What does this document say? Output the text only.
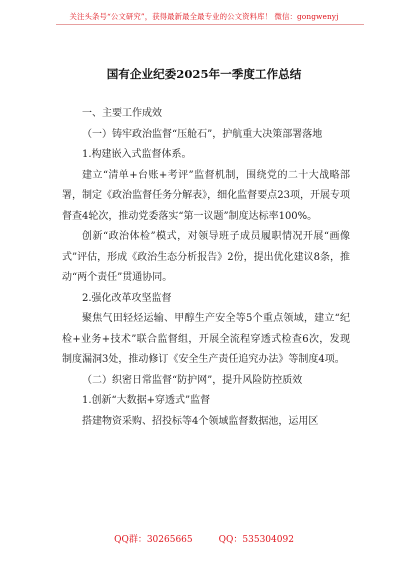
关注头条号“公文研究”，获得最新最全最专业的公文资料库！ 微信：gongwenyj
国有企业纪委2025年一季度工作总结

一、主要工作成效

（一）铸牢政治监督“压舱石”，护航重大决策部署落地

1.构建嵌入式监督体系。

建立“清单+台账+考评”监督机制，围绕党的二十大战略部署，制定《政治监督任务分解表》，细化监督要点23项，开展专项督查4轮次，推动党委落实“第一议题”制度达标率100%。

创新“政治体检”模式，对领导班子成员履职情况开展“画像式”评估，形成《政治生态分析报告》2份，提出优化建议8条，推动“两个责任”贯通协同。

2.强化改革攻坚监督

聚焦气田轻烃运输、甲醇生产安全等5个重点领域，建立“纪检+业务+技术”联合监督组，开展全流程穿透式检查6次，发现制度漏洞3处，推动修订《安全生产责任追究办法》等制度4项。

（二）织密日常监督“防护网”，提升风险防控质效

1.创新“大数据+穿透式”监督

搭建物资采购、招投标等4个领域监督数据池，运用区

QQ群：30265665	QQ：535304092
